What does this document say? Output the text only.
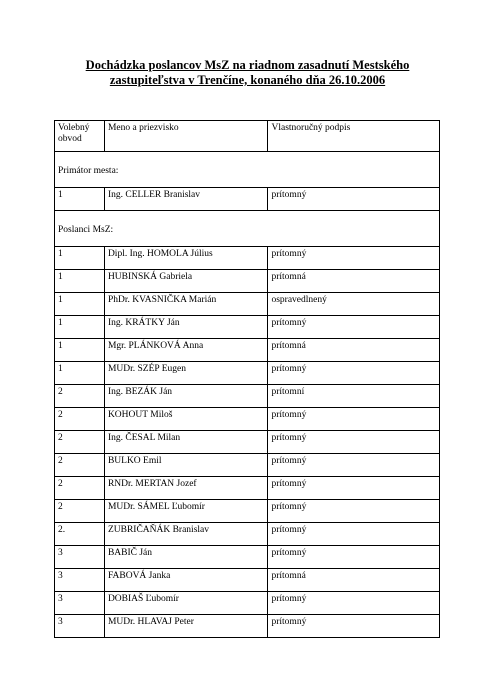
Dochádzka poslancov MsZ na riadnom zasadnutí Mestského
zastupiteľstva v Trenčíne, konaného dňa 26.10.2006
Volebný obvod	Meno a priezvisko	Vlastnoručný podpis
Primátor mesta:		
1	Ing. CELLER Branislav	prítomný
Poslanci MsZ:		
1	Dipl. Ing. HOMOLA Július	prítomný
1	HUBINSKÁ Gabriela	prítomná
1	PhDr. KVASNIČKA Marián	ospravedlnený
1	Ing. KRÁTKY Ján	prítomný
1	Mgr. PLÁNKOVÁ Anna	prítomná
1	MUDr. SZÉP Eugen	prítomný
2	Ing. BEZÁK Ján	prítomní
2	KOHOUT Miloš	prítomný
2	Ing. ČESAL Milan	prítomný
2	BULKO Emil	prítomný
2	RNDr. MERTAN Jozef	prítomný
2	MUDr. SÁMEL Ľubomír	prítomný
2.	ZUBRIČAŇÁK Branislav	prítomný
3	BABIČ Ján	prítomný
3	FABOVÁ Janka	prítomná
3	DOBIAŠ Ľubomír	prítomný
3	MUDr. HLAVAJ Peter	prítomný
